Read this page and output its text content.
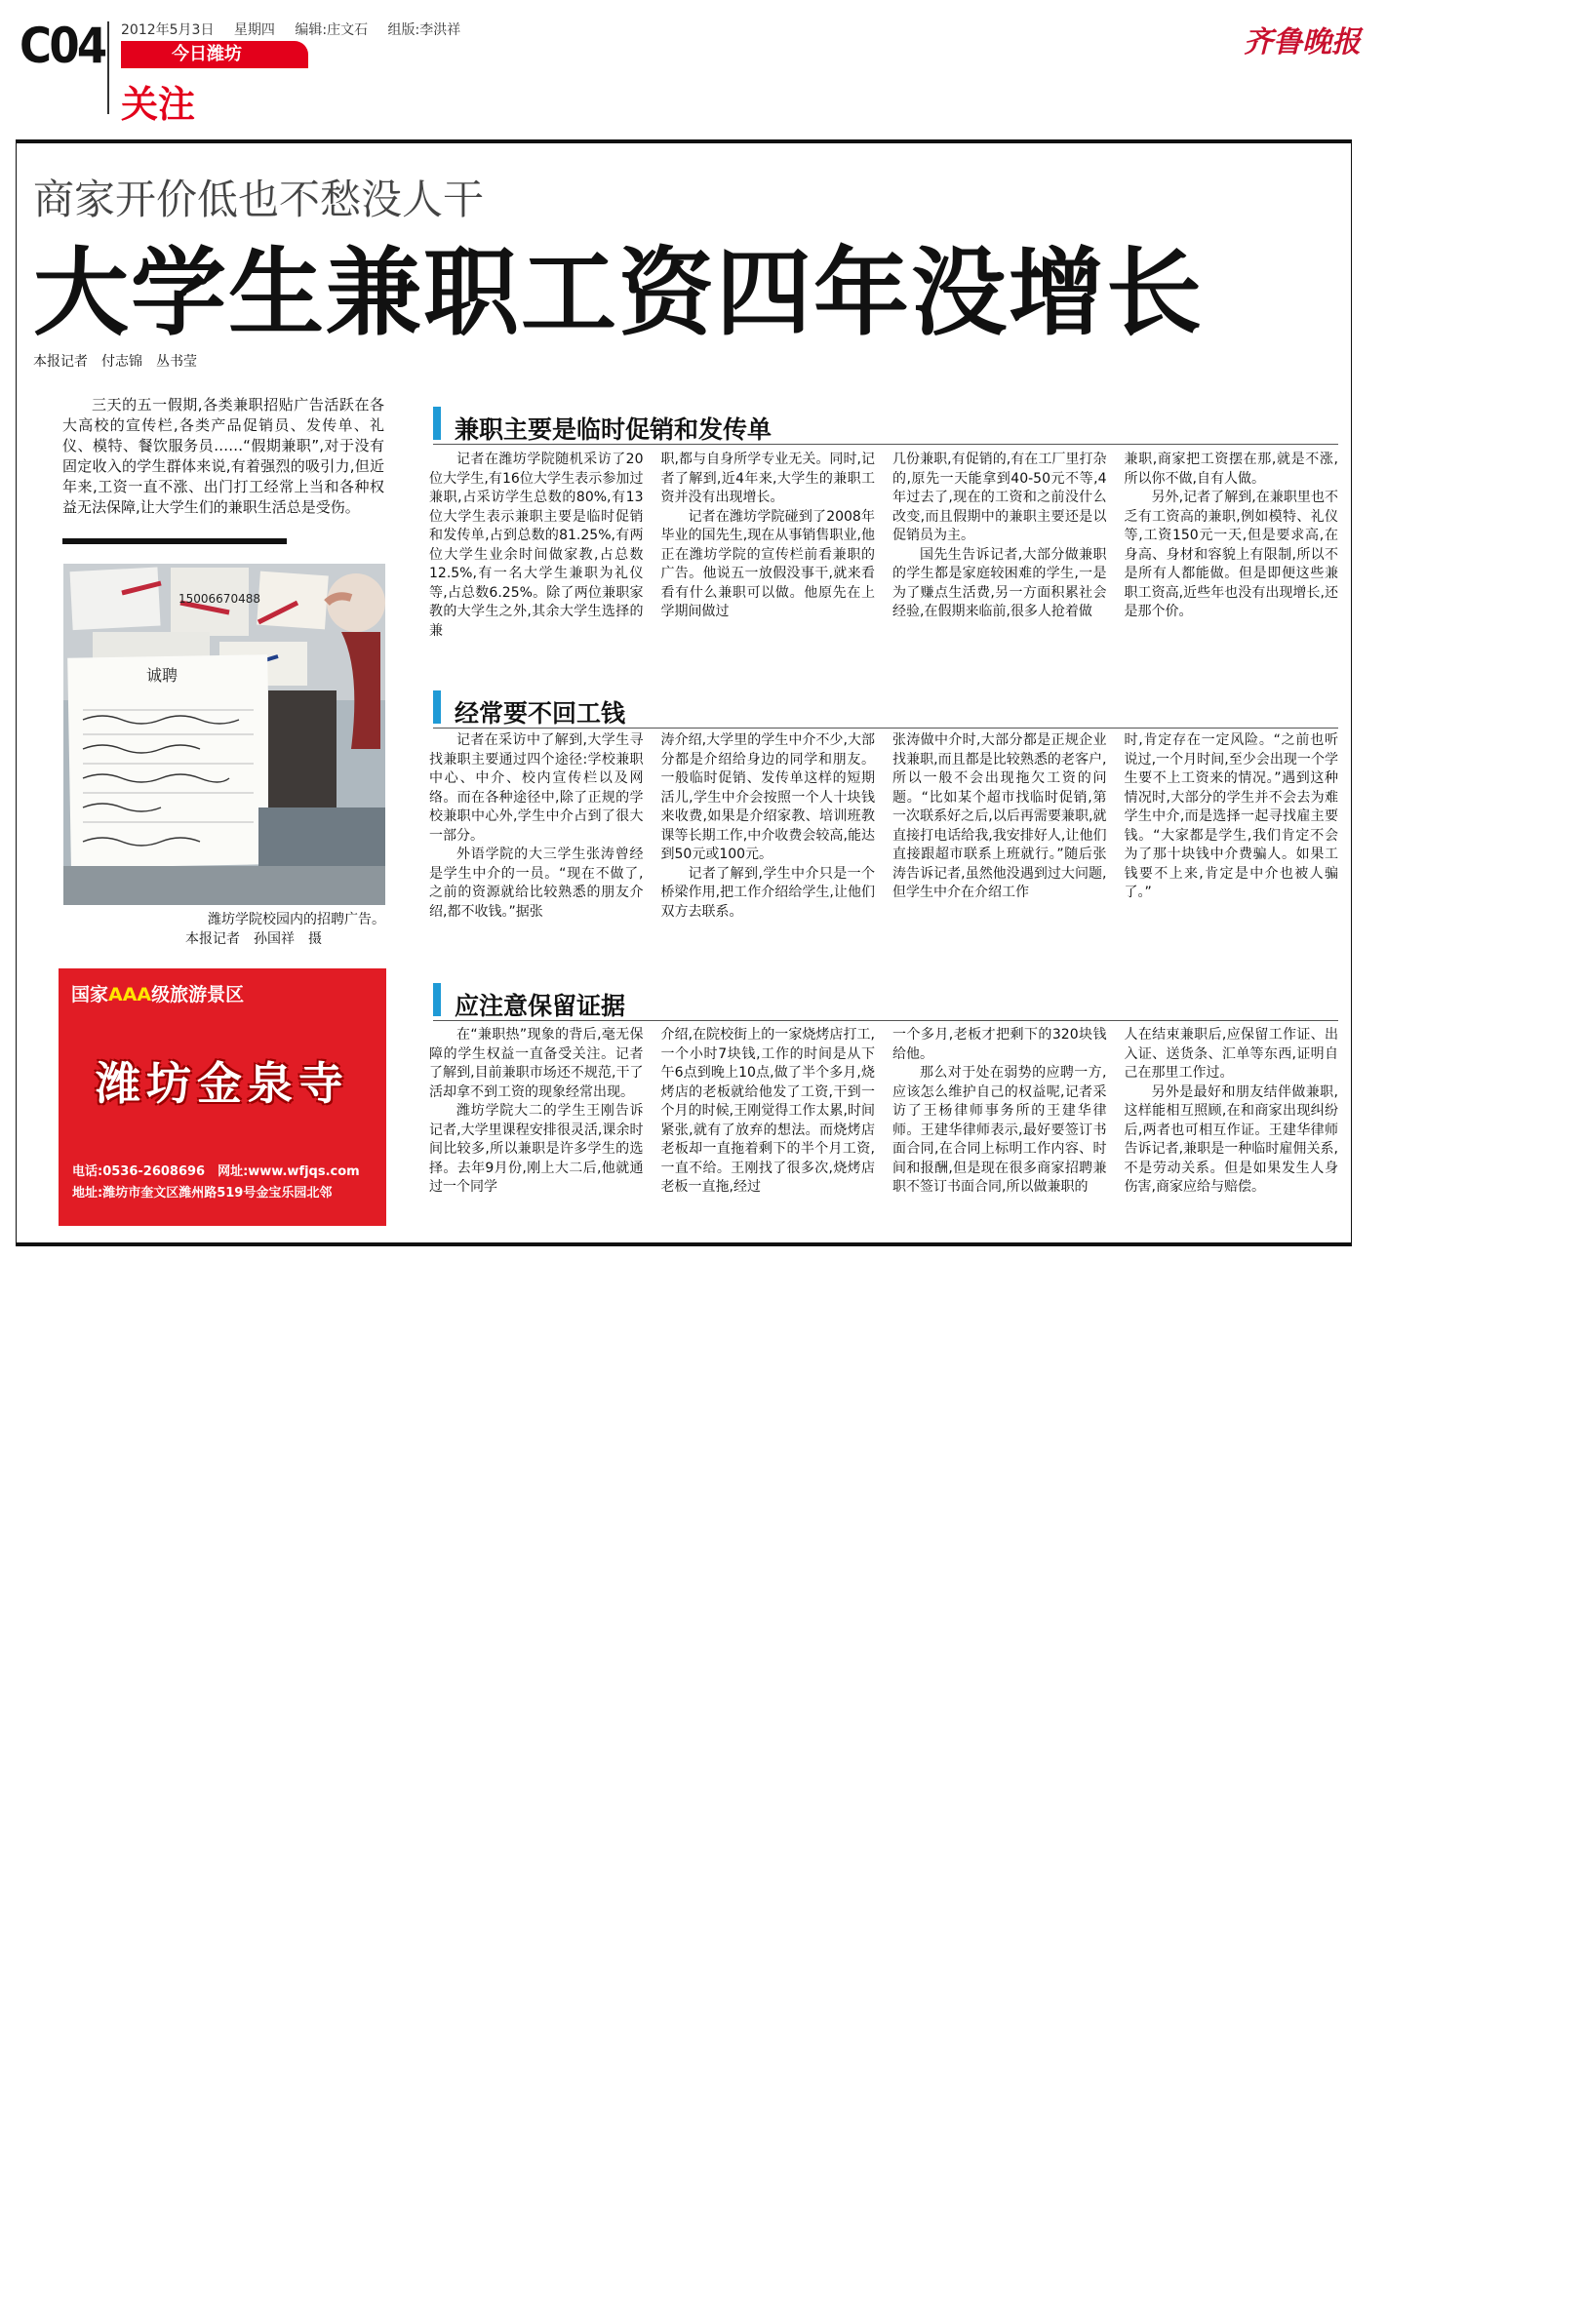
C04 2012年5月3日 星期四 编辑:庄文石 组版:李洪祥
今日潍坊
关注
齐鲁晚报
商家开价低也不愁没人干
大学生兼职工资四年没增长
本报记者　付志锦　丛书莹
三天的五一假期,各类兼职招贴广告活跃在各大高校的宣传栏,各类产品促销员、发传单、礼仪、模特、餐饮服务员……“假期兼职”,对于没有固定收入的学生群体来说,有着强烈的吸引力,但近年来,工资一直不涨、出门打工经常上当和各种权益无法保障,让大学生们的兼职生活总是受伤。
诚聘
15006670488
潍坊学院校园内的招聘广告。
本报记者　孙国祥　摄
国家AAA级旅游景区
潍坊金泉寺
电话:0536-2608696　网址:www.wfjqs.com
地址:潍坊市奎文区潍州路519号金宝乐园北邻
兼职主要是临时促销和发传单

记者在潍坊学院随机采访了20位大学生,有16位大学生表示参加过兼职,占采访学生总数的80%,有13位大学生表示兼职主要是临时促销和发传单,占到总数的81.25%,有两位大学生业余时间做家教,占总数12.5%,有一名大学生兼职为礼仪等,占总数6.25%。除了两位兼职家教的大学生之外,其余大学生选择的兼

职,都与自身所学专业无关。同时,记者了解到,近4年来,大学生的兼职工资并没有出现增长。

记者在潍坊学院碰到了2008年毕业的国先生,现在从事销售职业,他正在潍坊学院的宣传栏前看兼职的广告。他说五一放假没事干,就来看看有什么兼职可以做。他原先在上学期间做过

几份兼职,有促销的,有在工厂里打杂的,原先一天能拿到40-50元不等,4年过去了,现在的工资和之前没什么改变,而且假期中的兼职主要还是以促销员为主。

国先生告诉记者,大部分做兼职的学生都是家庭较困难的学生,一是为了赚点生活费,另一方面积累社会经验,在假期来临前,很多人抢着做

兼职,商家把工资摆在那,就是不涨,所以你不做,自有人做。

另外,记者了解到,在兼职里也不乏有工资高的兼职,例如模特、礼仪等,工资150元一天,但是要求高,在身高、身材和容貌上有限制,所以不是所有人都能做。但是即便这些兼职工资高,近些年也没有出现增长,还是那个价。

经常要不回工钱

记者在采访中了解到,大学生寻找兼职主要通过四个途径:学校兼职中心、中介、校内宣传栏以及网络。而在各种途径中,除了正规的学校兼职中心外,学生中介占到了很大一部分。

外语学院的大三学生张涛曾经是学生中介的一员。“现在不做了,之前的资源就给比较熟悉的朋友介绍,都不收钱。”据张

涛介绍,大学里的学生中介不少,大部分都是介绍给身边的同学和朋友。一般临时促销、发传单这样的短期活儿,学生中介会按照一个人十块钱来收费,如果是介绍家教、培训班教课等长期工作,中介收费会较高,能达到50元或100元。

记者了解到,学生中介只是一个桥梁作用,把工作介绍给学生,让他们双方去联系。

张涛做中介时,大部分都是正规企业找兼职,而且都是比较熟悉的老客户,所以一般不会出现拖欠工资的问题。“比如某个超市找临时促销,第一次联系好之后,以后再需要兼职,就直接打电话给我,我安排好人,让他们直接跟超市联系上班就行。”随后张涛告诉记者,虽然他没遇到过大问题,但学生中介在介绍工作

时,肯定存在一定风险。“之前也听说过,一个月时间,至少会出现一个学生要不上工资来的情况。”遇到这种情况时,大部分的学生并不会去为难学生中介,而是选择一起寻找雇主要钱。“大家都是学生,我们肯定不会为了那十块钱中介费骗人。如果工钱要不上来,肯定是中介也被人骗了。”

应注意保留证据

在“兼职热”现象的背后,毫无保障的学生权益一直备受关注。记者了解到,目前兼职市场还不规范,干了活却拿不到工资的现象经常出现。

潍坊学院大二的学生王刚告诉记者,大学里课程安排很灵活,课余时间比较多,所以兼职是许多学生的选择。去年9月份,刚上大二后,他就通过一个同学

介绍,在院校街上的一家烧烤店打工,一个小时7块钱,工作的时间是从下午6点到晚上10点,做了半个多月,烧烤店的老板就给他发了工资,干到一个月的时候,王刚觉得工作太累,时间紧张,就有了放弃的想法。而烧烤店老板却一直拖着剩下的半个月工资,一直不给。王刚找了很多次,烧烤店老板一直拖,经过

一个多月,老板才把剩下的320块钱给他。

那么对于处在弱势的应聘一方,应该怎么维护自己的权益呢,记者采访了王杨律师事务所的王建华律师。王建华律师表示,最好要签订书面合同,在合同上标明工作内容、时间和报酬,但是现在很多商家招聘兼职不签订书面合同,所以做兼职的

人在结束兼职后,应保留工作证、出入证、送货条、汇单等东西,证明自己在那里工作过。

另外是最好和朋友结伴做兼职,这样能相互照顾,在和商家出现纠纷后,两者也可相互作证。王建华律师告诉记者,兼职是一种临时雇佣关系,不是劳动关系。但是如果发生人身伤害,商家应给与赔偿。
